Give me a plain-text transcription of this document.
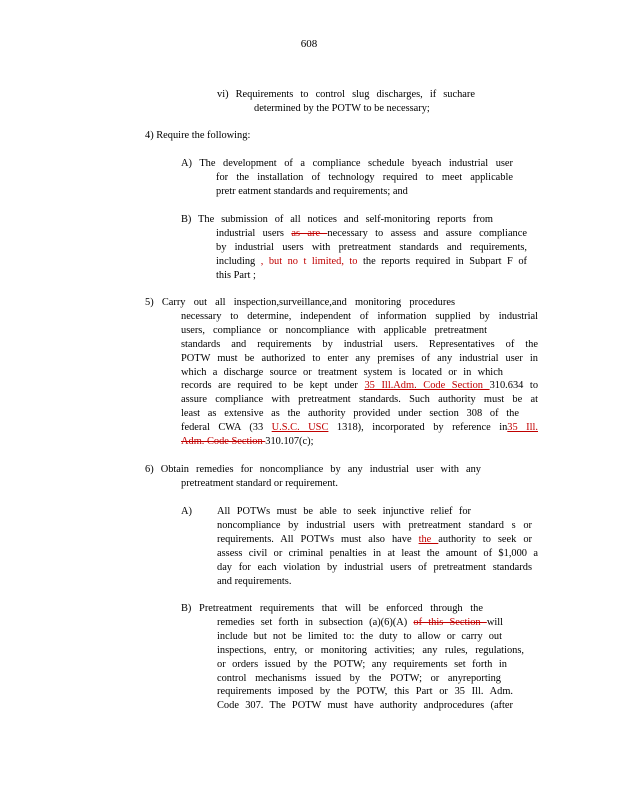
608
vi) Requirements to control slug discharges, if suchare
determined by the POTW to be necessary;
4) Require the following:
A) The development of a compliance schedule byeach industrial user
for the installation of technology required to meet applicable
pretr eatment standards and requirements; and
B) The submission of all notices and self-monitoring reports from
industrial users as are necessary to assess and assure compliance
by industrial users with pretreatment standards and requirements,
including , but no t limited, to the reports required in Subpart F of
this Part ;
5) Carry out all inspection,surveillance,and monitoring procedures
necessary to determine, independent of information supplied by industrial
users, compliance or noncompliance with applicable pretreatment
standards and requirements by industrial users. Representatives of the
POTW must be authorized to enter any premises of any industrial user in
which a discharge source or treatment system is located or in which
records are required to be kept under 35 Ill.Adm. Code Section 310.634 to
assure compliance with pretreatment standards. Such authority must be at
least as extensive as the authority provided under section 308 of the
federal CWA (33 U.S.C. USC 1318), incorporated by reference in35 Ill.
Adm. Code Section 310.107(c);
6) Obtain remedies for noncompliance by any industrial user with any
pretreatment standard or requirement.
A) All POTWs must be able to seek injunctive relief for
noncompliance by industrial users with pretreatment standard s or
requirements. All POTWs must also have the authority to seek or
assess civil or criminal penalties in at least the amount of $1,000 a
day for each violation by industrial users of pretreatment standards
and requirements.
B) Pretreatment requirements that will be enforced through the
remedies set forth in subsection (a)(6)(A) of this Section will
include but not be limited to: the duty to allow or carry out
inspections, entry, or monitoring activities; any rules, regulations,
or orders issued by the POTW; any requirements set forth in
control mechanisms issued by the POTW; or anyreporting
requirements imposed by the POTW, this Part or 35 Ill. Adm.
Code 307. The POTW must have authority andprocedures (after
